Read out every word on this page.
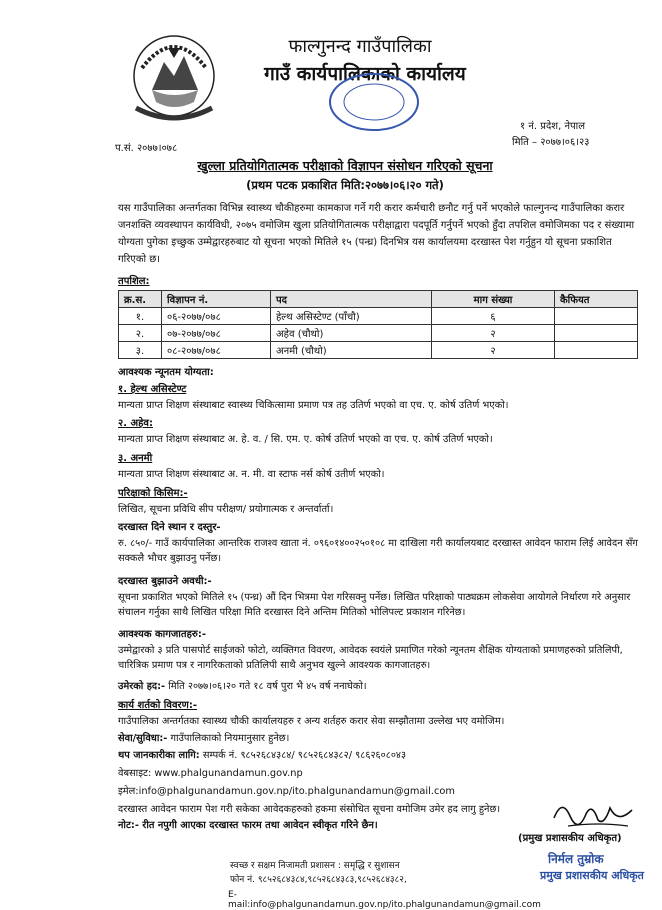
फाल्गुनन्द गाउँपालिका
गाउँ कार्यपालिकाको कार्यालय
१ नं. प्रदेश, नेपाल
मिति – २०७७।०६।२३
प.सं. २०७७।०७८
खुल्ला प्रतियोगितात्मक परीक्षाको विज्ञापन संसोधन गरिएको सूचना
(प्रथम पटक प्रकाशित मिति:२०७७।०६।२० गते)
यस गाउँपालिका अन्तर्गतका विभिन्न स्वास्थ्य चौकीहरुमा कामकाज गर्ने गरी करार कर्मचारी छनौट गर्नु पर्ने भएकोले फाल्गुनन्द गाउँपालिका करार जनशक्ति व्यवस्थापन कार्यविधी, २०७५ वमोजिम खुला प्रतियोगितात्मक परीक्षाद्वारा पदपूर्ति गर्नुपर्ने भएको हुँदा तपशिल वमोजिमका पद र संख्यामा योग्यता पुगेका इच्छुक उम्मेद्वारहरुबाट यो सूचना भएको मितिले १५ (पन्ध्र) दिनभित्र यस कार्यालयमा दरखास्त पेश गर्नुहुन यो सूचना प्रकाशित गरिएको छ।
तपशिल:
क्र.स.	विज्ञापन नं.	पद	माग संख्या	कैफियत
१.	०६-२०७७/०७८	हेल्थ असिस्टेण्ट (पाँचौ)	६	
२.	०७-२०७७/०७८	अहेव (चौथो)	२	
३.	०८-२०७७/०७८	अनमी (चौथो)	२	
आवश्यक न्यूनतम योग्यता:
१. हेल्थ असिस्टेण्ट
मान्यता प्राप्त शिक्षण संस्थाबाट स्वास्थ्य चिकित्सामा प्रमाण पत्र तह उतिर्ण भएको वा एच. ए. कोर्ष उतिर्ण भएको।
२. अहेव:
मान्यता प्राप्त शिक्षण संस्थाबाट अ. हे. व. / सि. एम. ए. कोर्ष उतिर्ण भएको वा एच. ए. कोर्ष उतिर्ण भएको।
३. अनमी
मान्यता प्राप्त शिक्षण संस्थाबाट अ. न. मी. वा स्टाफ नर्स कोर्ष उतीर्ण भएको।
परिक्षाको किसिम:-
लिखित, सूचना प्रविधि सीप परीक्षण/ प्रयोगात्मक र अन्तर्वार्ता।
दरखास्त दिने स्थान र दस्तुर-
रु. ८५०/- गाउँ कार्यपालिका आन्तरिक राजश्व खाता नं. ०९६०१४००२५०१०८ मा दाखिला गरी कार्यालयबाट दरखास्त आवेदन फाराम लिई आवेदन सँग सक्कलै भौचर बुझाउनु पर्नेछ।
दरखास्त बुझाउने अवधी:-
सूचना प्रकाशित भएको मितिले १५ (पन्ध्र) औं दिन भित्रमा पेश गरिसक्नु पर्नेछ। लिखित परिक्षाको पाठ्यक्रम लोकसेवा आयोगले निर्धारण गरे अनुसार संचालन गर्नुका साथै लिखित परिक्षा मिति दरखास्त दिने अन्तिम मितिको भोलिपल्ट प्रकाशन गरिनेछ।
आवश्यक कागजातहरु:-
उम्मेद्वारको ३ प्रति पासपोर्ट साईजको फोटो, व्यक्तिगत विवरण, आवेदक स्वयंले प्रमाणित गरेको न्यूनतम शैक्षिक योग्यताको प्रमाणहरुको प्रतिलिपी, चारित्रिक प्रमाण पत्र र नागरिकताको प्रतिलिपी साथै अनुभव खुल्ने आवश्यक कागजातहरु।
उमेरको हद:- मिति २०७७।०६।२० गते १८ वर्ष पुरा भै ४५ वर्ष ननाघेको।
कार्य शर्तको विवरण:-
गाउँपालिका अन्तर्गतका स्वास्थ्य चौकी कार्यालयहरु र अन्य शर्तहरु करार सेवा सम्झौतामा उल्लेख भए वमोजिम।
सेवा/सुविधा:- गाउँपालिकाको नियमानुसार हुनेछ।
थप जानकारीका लागि: सम्पर्क नं. ९८५२६८४३८४/ ९८५२६८४३८२/ ९८६२६०८०४३
वेबसाइट: www.phalgunandamun.gov.np
इमेल:info@phalgunandamun.gov.np/ito.phalgunandamun@gmail.com
दरखास्त आवेदन फाराम पेश गरी सकेका आवेदकहरुको हकमा संसोधित सूचना वमोजिम उमेर हद लागु हुनेछ।
नोट:- रीत नपुगी आएका दरखास्त फारम तथा आवेदन स्वीकृत गरिने छैन।
(प्रमुख प्रशासकीय अधिकृत)
निर्मल तुम्रोक
प्रमुख प्रशासकीय अधिकृत
स्वच्छ र सक्षम निजामती प्रशासन : समृद्धि र सुशासन
फोन नं. ९८५२६८४३८४,९८५२६८४३८३,९८५२६८४३८२,
E-mail:info@phalgunandamun.gov.np/ito.phalgunandamun@gmail.com
